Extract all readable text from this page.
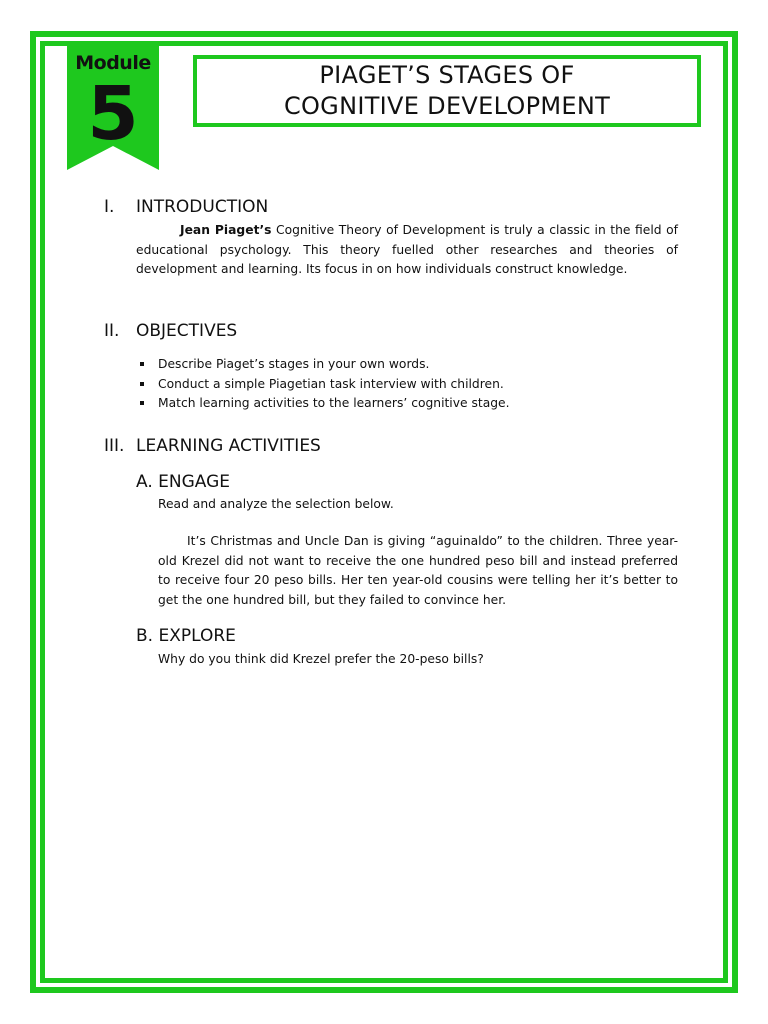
Module
5	PIAGET’S STAGES OF
COGNITIVE DEVELOPMENT
I. INTRODUCTION

Jean Piaget’s Cognitive Theory of Development is truly a classic in the field of educational psychology. This theory fuelled other researches and theories of development and learning. Its focus in on how individuals construct knowledge.

II. OBJECTIVES
Describe Piaget’s stages in your own words.
Conduct a simple Piagetian task interview with children.
Match learning activities to the learners’ cognitive stage.
III. LEARNING ACTIVITIES
A. ENGAGE

Read and analyze the selection below.

It’s Christmas and Uncle Dan is giving “aguinaldo” to the children. Three year-old Krezel did not want to receive the one hundred peso bill and instead preferred to receive four 20 peso bills. Her ten year-old cousins were telling her it’s better to get the one hundred bill, but they failed to convince her.

B. EXPLORE

Why do you think did Krezel prefer the 20-peso bills?
